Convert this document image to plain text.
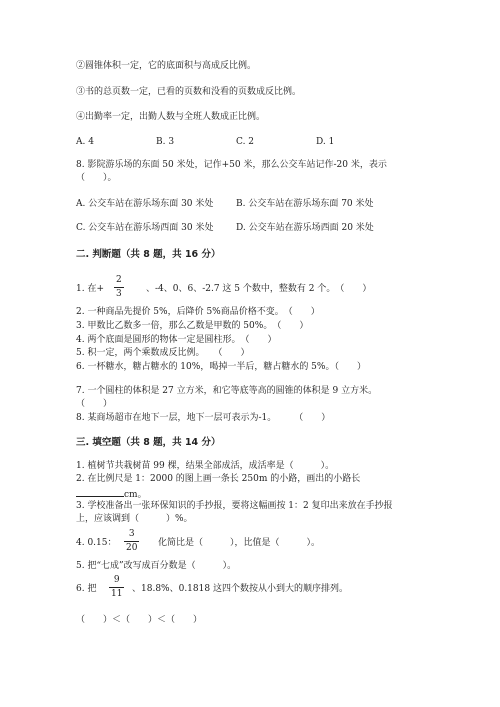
②圆锥体积一定，它的底面积与高成反比例。
③书的总页数一定，已看的页数和没看的页数成反比例。
④出勤率一定，出勤人数与全班人数成正比例。
A. 4	B. 3	C. 2	D. 1
8. 影院游乐场的东面 50 米处，记作+50 米，那么公交车站记作-20 米，表示
（　　）。
A. 公交车站在游乐场东面 30 米处	B. 公交车站在游乐场东面 70 米处
C. 公交车站在游乐场西面 30 米处	D. 公交车站在游乐场西面 20 米处
二. 判断题（共 8 题，共 16 分）
1. 在+
2
3	、-4、0、6、-2.7 这 5 个数中，整数有 2 个。　（　　）
2. 一种商品先提价 5%，后降价 5%商品价格不变。　（　　）
3. 甲数比乙数多一倍，那么乙数是甲数的 50%。　（　　）
4. 两个底面是圆形的物体一定是圆柱形。　（　　）
5. 积一定，两个乘数成反比例。　　（　　）
6. 一杯糖水，糖占糖水的 10%，喝掉一半后，糖占糖水的 5%。（　　）
7. 一个圆柱的体积是 27 立方米，和它等底等高的圆锥的体积是 9 立方米。
（　　）
8. 某商场超市在地下一层，地下一层可表示为-1。　　　（　　）
三. 填空题（共 8 题，共 14 分）
1. 植树节共栽树苗 99 棵，结果全部成活，成活率是（　　　）。
2. 在比例尺是 1：2000 的图上画一条长 250m 的小路，画出的小路长
cm。
3. 学校准备出一张环保知识的手抄报，要将这幅画按 1：2 复印出来放在手抄报
上，应该调到（　　　）%。
4. 0.15：
3
20 化简比是（　　　），比值是（　　　）。
5. 把“七成”改写成百分数是（　　　）。
6. 把
9
11 、18.8%、0.1818 这四个数按从小到大的顺序排列。
（　　）＜（　　）＜（　　）
